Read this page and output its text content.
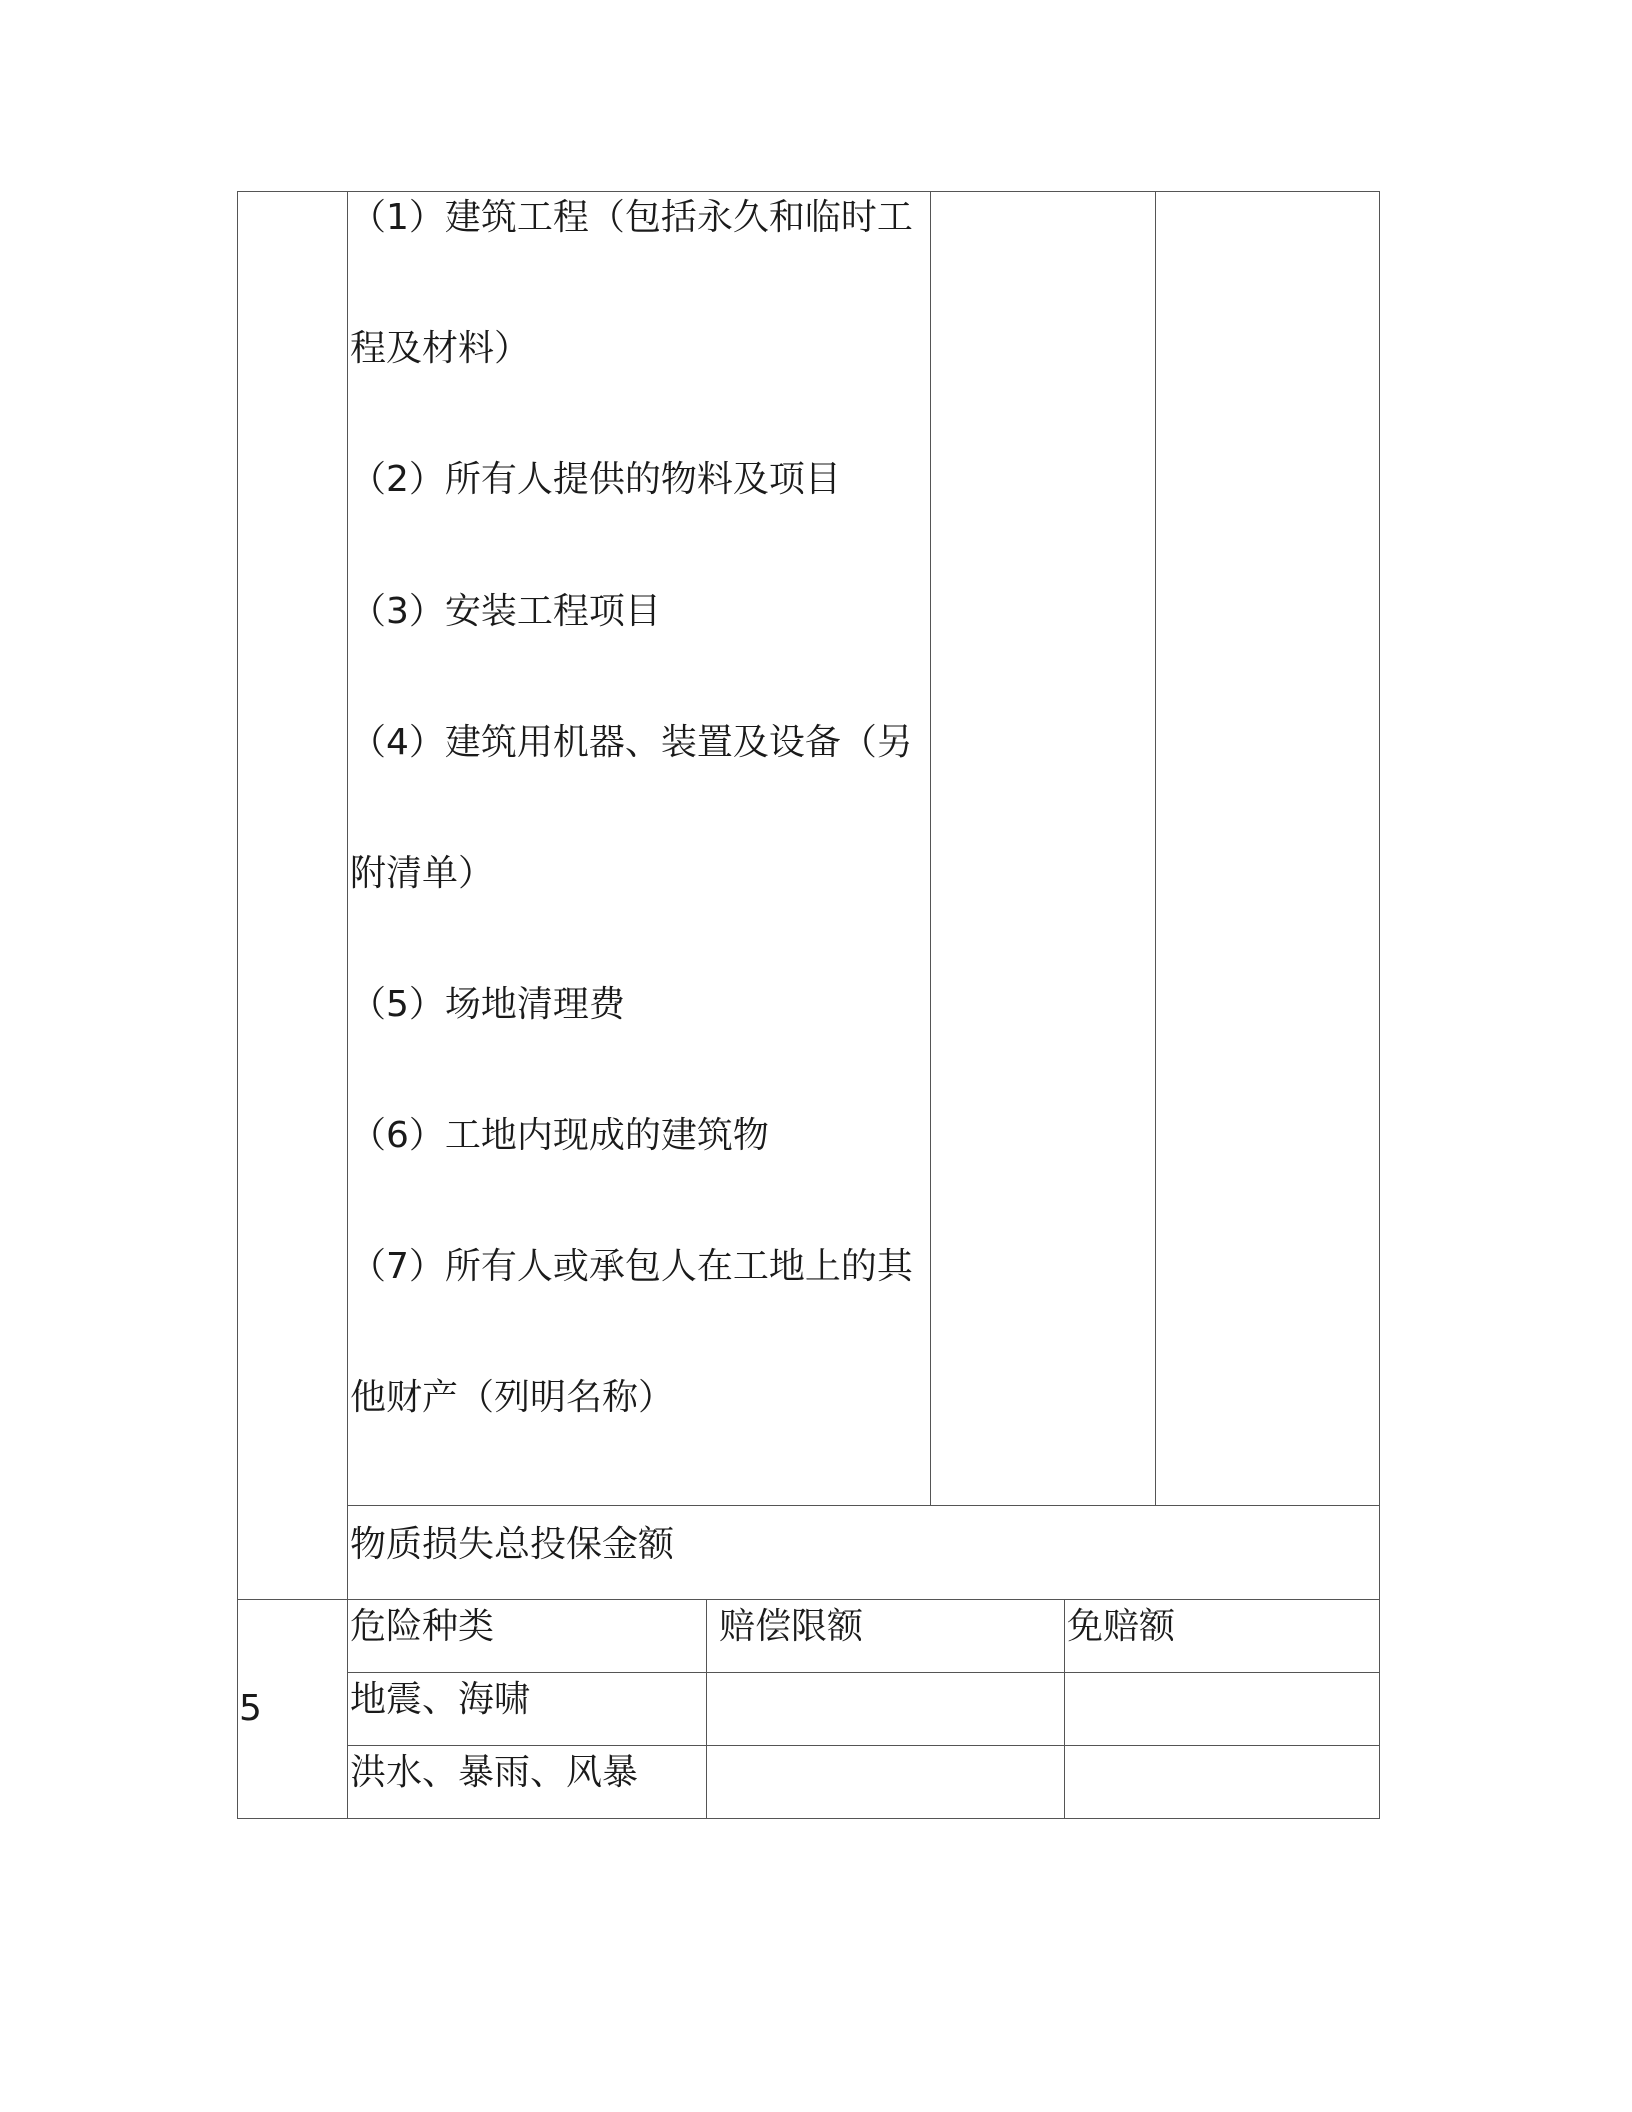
（1）建筑工程（包括永久和临时工
程及材料）
（2）所有人提供的物料及项目
（3）安装工程项目
（4）建筑用机器、装置及设备（另
附清单）
（5）场地清理费
（6）工地内现成的建筑物
（7）所有人或承包人在工地上的其
他财产（列明名称）
物质损失总投保金额
5
危险种类	赔偿限额	免赔额
地震、海啸
洪水、暴雨、风暴
